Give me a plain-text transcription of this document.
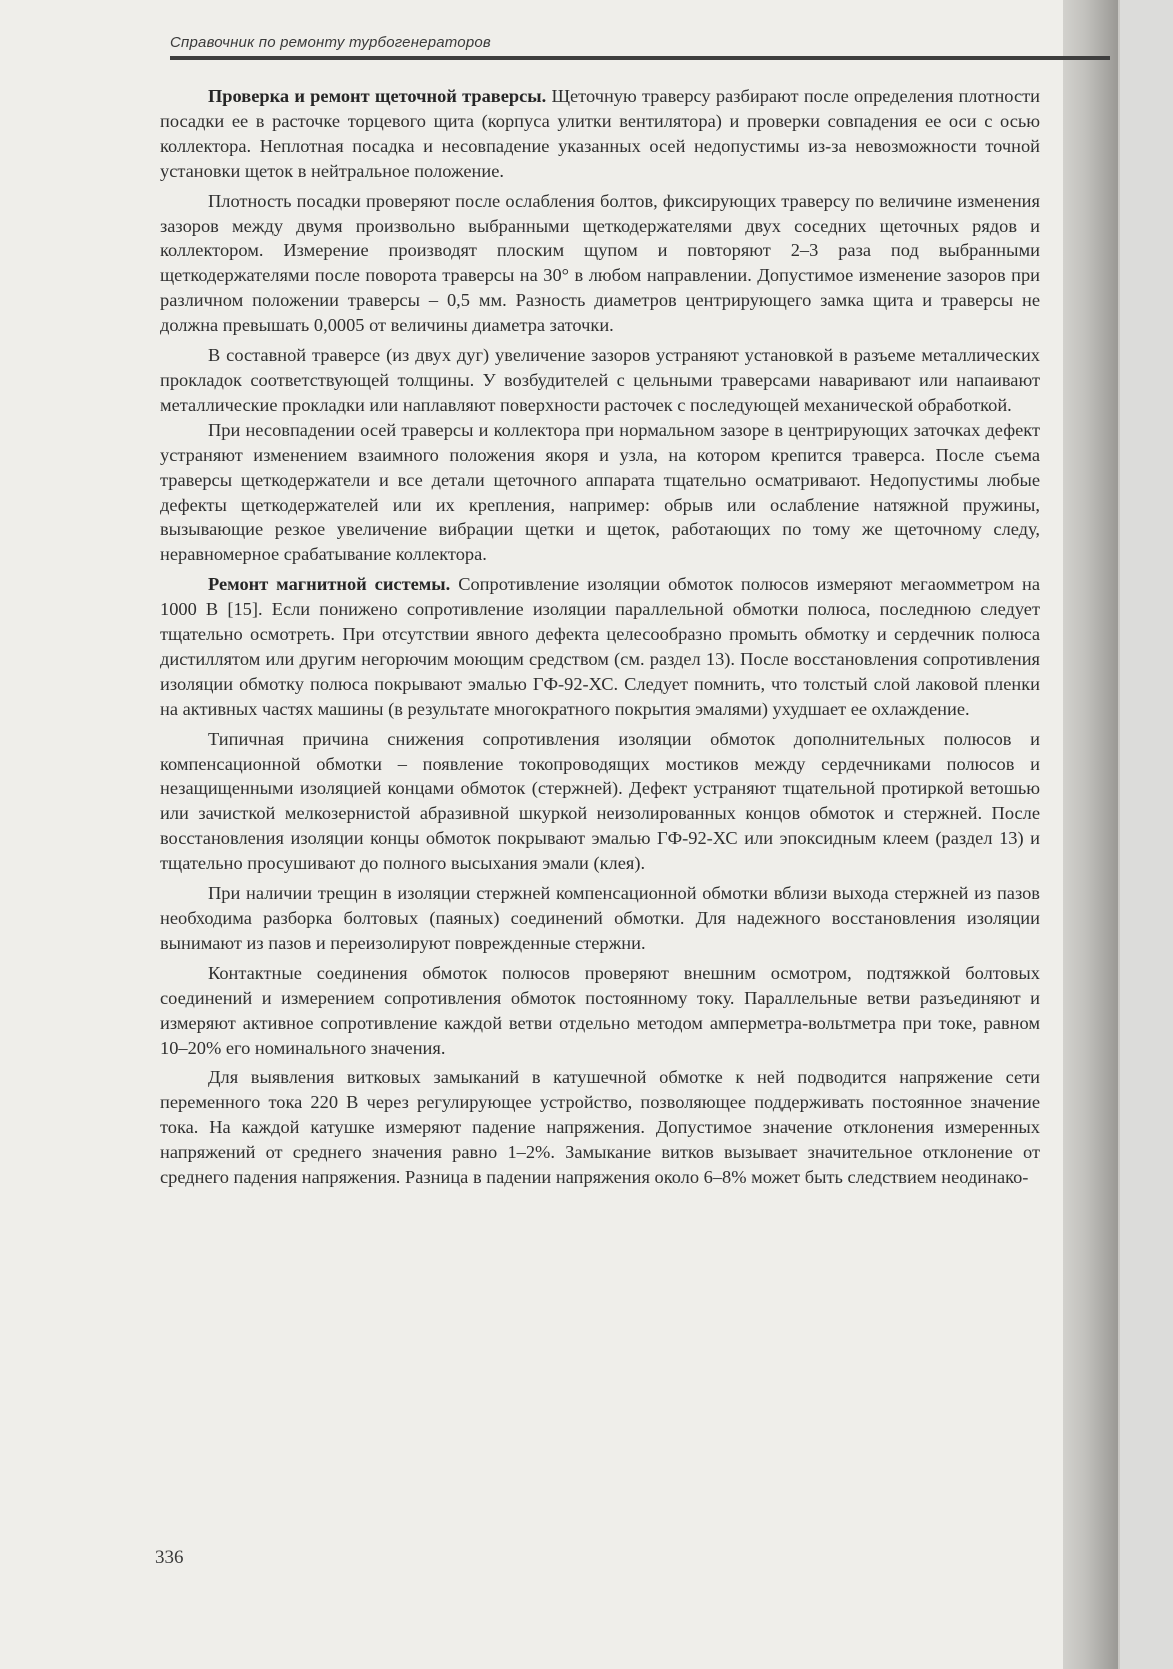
Справочник по ремонту турбогенераторов

Проверка и ремонт щеточной траверсы. Щеточную траверсу разбирают после определения плотности посадки ее в расточке торцевого щита (корпуса улитки вентилятора) и проверки совпадения ее оси с осью коллектора. Неплотная посадка и несовпадение указанных осей недопустимы из-за невозможности точной установки щеток в нейтральное положение.

Плотность посадки проверяют после ослабления болтов, фиксирующих траверсу по величине изменения зазоров между двумя произвольно выбранными щеткодержателями двух соседних щеточных рядов и коллектором. Измерение производят плоским щупом и повторяют 2–3 раза под выбранными щеткодержателями после поворота траверсы на 30° в любом направлении. Допустимое изменение зазоров при различном положении траверсы – 0,5 мм. Разность диаметров центрирующего замка щита и траверсы не должна превышать 0,0005 от величины диаметра заточки.

В составной траверсе (из двух дуг) увеличение зазоров устраняют установкой в разъеме металлических прокладок соответствующей толщины. У возбудителей с цельными траверсами наваривают или напаивают металлические прокладки или наплавляют поверхности расточек с последующей механической обработкой.

При несовпадении осей траверсы и коллектора при нормальном зазоре в центрирующих заточках дефект устраняют изменением взаимного положения якоря и узла, на котором крепится траверса. После съема траверсы щеткодержатели и все детали щеточного аппарата тщательно осматривают. Недопустимы любые дефекты щеткодержателей или их крепления, например: обрыв или ослабление натяжной пружины, вызывающие резкое увеличение вибрации щетки и щеток, работающих по тому же щеточному следу, неравномерное срабатывание коллектора.

Ремонт магнитной системы. Сопротивление изоляции обмоток полюсов измеряют мегаомметром на 1000 В [15]. Если понижено сопротивление изоляции параллельной обмотки полюса, последнюю следует тщательно осмотреть. При отсутствии явного дефекта целесообразно промыть обмотку и сердечник полюса дистиллятом или другим негорючим моющим средством (см. раздел 13). После восстановления сопротивления изоляции обмотку полюса покрывают эмалью ГФ-92-ХС. Следует помнить, что толстый слой лаковой пленки на активных частях машины (в результате многократного покрытия эмалями) ухудшает ее охлаждение.

Типичная причина снижения сопротивления изоляции обмоток дополнительных полюсов и компенсационной обмотки – появление токопроводящих мостиков между сердечниками полюсов и незащищенными изоляцией концами обмоток (стержней). Дефект устраняют тщательной протиркой ветошью или зачисткой мелкозернистой абразивной шкуркой неизолированных концов обмоток и стержней. После восстановления изоляции концы обмоток покрывают эмалью ГФ-92-ХС или эпоксидным клеем (раздел 13) и тщательно просушивают до полного высыхания эмали (клея).

При наличии трещин в изоляции стержней компенсационной обмотки вблизи выхода стержней из пазов необходима разборка болтовых (паяных) соединений обмотки. Для надежного восстановления изоляции вынимают из пазов и переизолируют поврежденные стержни.

Контактные соединения обмоток полюсов проверяют внешним осмотром, подтяжкой болтовых соединений и измерением сопротивления обмоток постоянному току. Параллельные ветви разъединяют и измеряют активное сопротивление каждой ветви отдельно методом амперметра-вольтметра при токе, равном 10–20% его номинального значения.

Для выявления витковых замыканий в катушечной обмотке к ней подводится напряжение сети переменного тока 220 В через регулирующее устройство, позволяющее поддерживать постоянное значение тока. На каждой катушке измеряют падение напряжения. Допустимое значение отклонения измеренных напряжений от среднего значения равно 1–2%. Замыкание витков вызывает значительное отклонение от среднего падения напряжения. Разница в падении напряжения около 6–8% может быть следствием неодинако-

336
